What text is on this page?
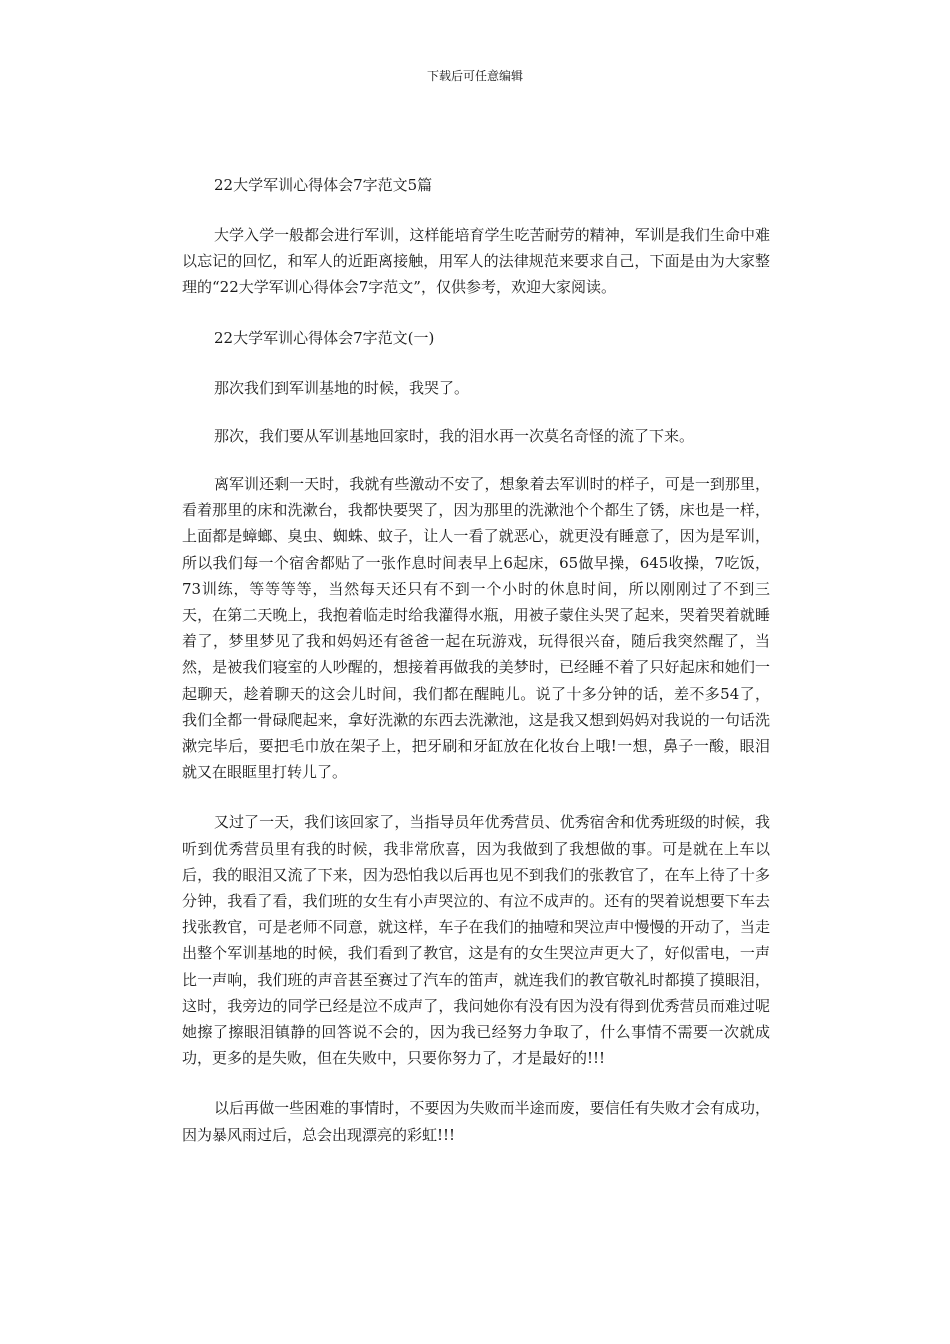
下载后可任意编辑
22大学军训心得体会7字范文5篇

大学入学一般都会进行军训，这样能培育学生吃苦耐劳的精神，军训是我们生命中难以忘记的回忆，和军人的近距离接触，用军人的法律规范来要求自己，下面是由为大家整理的“22大学军训心得体会7字范文”，仅供参考，欢迎大家阅读。

22大学军训心得体会7字范文(一)

那次我们到军训基地的时候，我哭了。

那次，我们要从军训基地回家时，我的泪水再一次莫名奇怪的流了下来。

离军训还剩一天时，我就有些激动不安了，想象着去军训时的样子，可是一到那里，看着那里的床和洗漱台，我都快要哭了，因为那里的洗漱池个个都生了锈，床也是一样，上面都是蟑螂、臭虫、蜘蛛、蚊子，让人一看了就恶心，就更没有睡意了，因为是军训，所以我们每一个宿舍都贴了一张作息时间表早上6起床，65做早操，645收操，7吃饭，73训练，等等等等，当然每天还只有不到一个小时的休息时间，所以刚刚过了不到三天，在第二天晚上，我抱着临走时给我灌得水瓶，用被子蒙住头哭了起来，哭着哭着就睡着了，梦里梦见了我和妈妈还有爸爸一起在玩游戏，玩得很兴奋，随后我突然醒了，当然，是被我们寝室的人吵醒的，想接着再做我的美梦时，已经睡不着了只好起床和她们一起聊天，趁着聊天的这会儿时间，我们都在醒盹儿。说了十多分钟的话，差不多54了，我们全都一骨碌爬起来，拿好洗漱的东西去洗漱池，这是我又想到妈妈对我说的一句话洗漱完毕后，要把毛巾放在架子上，把牙刷和牙缸放在化妆台上哦!一想，鼻子一酸，眼泪就又在眼眶里打转儿了。

又过了一天，我们该回家了，当指导员年优秀营员、优秀宿舍和优秀班级的时候，我听到优秀营员里有我的时候，我非常欣喜，因为我做到了我想做的事。可是就在上车以后，我的眼泪又流了下来，因为恐怕我以后再也见不到我们的张教官了，在车上待了十多分钟，我看了看，我们班的女生有小声哭泣的、有泣不成声的。还有的哭着说想要下车去找张教官，可是老师不同意，就这样，车子在我们的抽噎和哭泣声中慢慢的开动了，当走出整个军训基地的时候，我们看到了教官，这是有的女生哭泣声更大了，好似雷电，一声比一声响，我们班的声音甚至赛过了汽车的笛声，就连我们的教官敬礼时都摸了摸眼泪，这时，我旁边的同学已经是泣不成声了，我问她你有没有因为没有得到优秀营员而难过呢她擦了擦眼泪镇静的回答说不会的，因为我已经努力争取了，什么事情不需要一次就成功，更多的是失败，但在失败中，只要你努力了，才是最好的!!!

以后再做一些困难的事情时，不要因为失败而半途而废，要信任有失败才会有成功，因为暴风雨过后，总会出现漂亮的彩虹!!!
